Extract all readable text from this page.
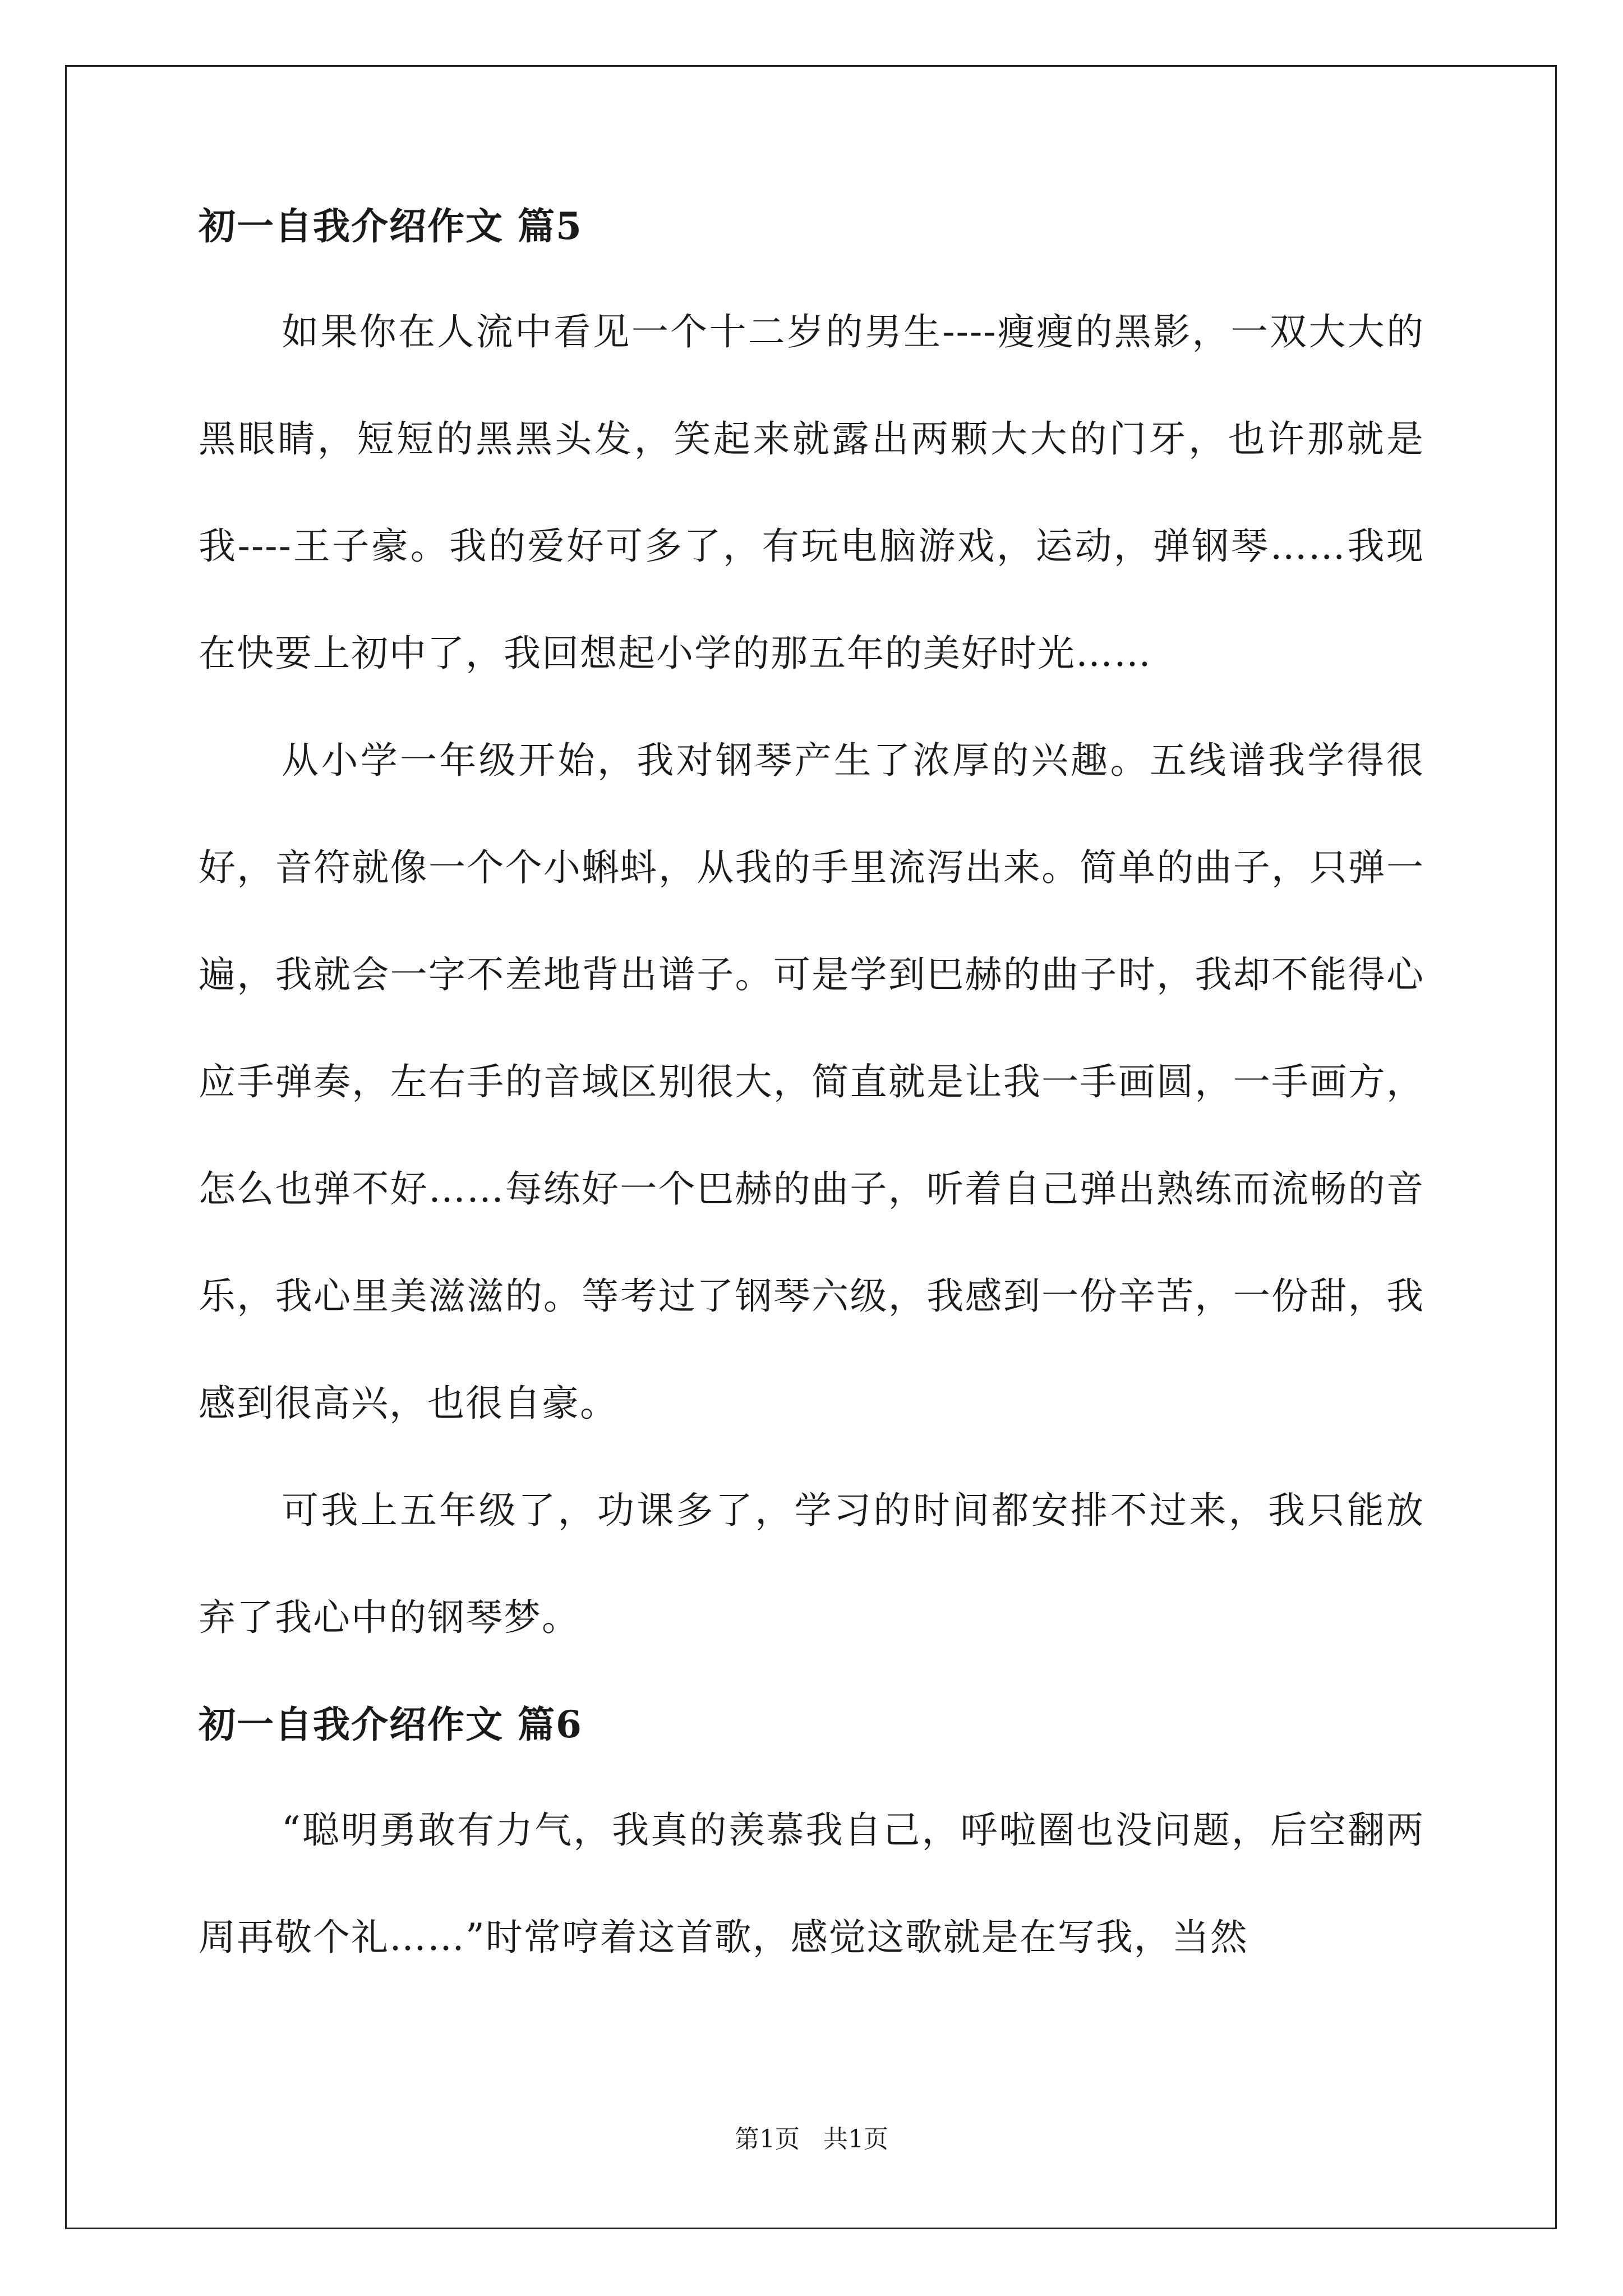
初一自我介绍作文 篇5

如果你在人流中看见一个十二岁的男生----瘦瘦的黑影，一双大大的黑眼睛，短短的黑黑头发，笑起来就露出两颗大大的门牙，也许那就是我----王子豪。我的爱好可多了，有玩电脑游戏，运动，弹钢琴……我现在快要上初中了，我回想起小学的那五年的美好时光……

从小学一年级开始，我对钢琴产生了浓厚的兴趣。五线谱我学得很好，音符就像一个个小蝌蚪，从我的手里流泻出来。简单的曲子，只弹一遍，我就会一字不差地背出谱子。可是学到巴赫的曲子时，我却不能得心应手弹奏，左右手的音域区别很大，简直就是让我一手画圆，一手画方，怎么也弹不好……每练好一个巴赫的曲子，听着自己弹出熟练而流畅的音乐，我心里美滋滋的。等考过了钢琴六级，我感到一份辛苦，一份甜，我感到很高兴，也很自豪。

可我上五年级了，功课多了，学习的时间都安排不过来，我只能放弃了我心中的钢琴梦。

初一自我介绍作文 篇6

“聪明勇敢有力气，我真的羡慕我自己，呼啦圈也没问题，后空翻两周再敬个礼……”时常哼着这首歌，感觉这歌就是在写我，当然

第1页   共1页
